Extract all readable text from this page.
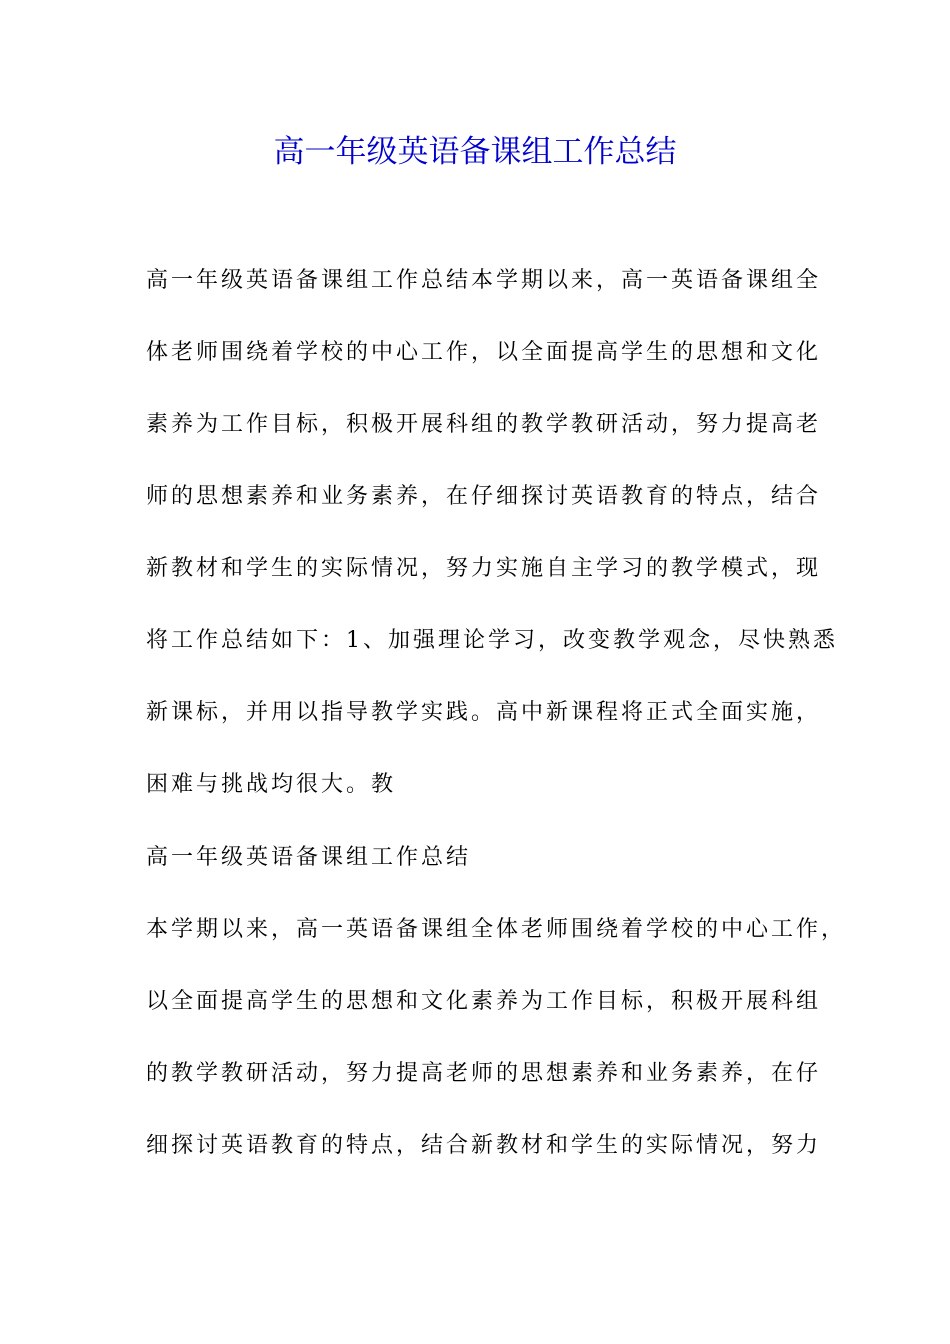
高一年级英语备课组工作总结
高一年级英语备课组工作总结本学期以来，高一英语备课组全
体老师围绕着学校的中心工作，以全面提高学生的思想和文化
素养为工作目标，积极开展科组的教学教研活动，努力提高老
师的思想素养和业务素养，在仔细探讨英语教育的特点，结合
新教材和学生的实际情况，努力实施自主学习的教学模式，现
将工作总结如下：1、加强理论学习，改变教学观念，尽快熟悉
新课标，并用以指导教学实践。高中新课程将正式全面实施，
困难与挑战均很大。教
高一年级英语备课组工作总结
本学期以来，高一英语备课组全体老师围绕着学校的中心工作，
以全面提高学生的思想和文化素养为工作目标，积极开展科组
的教学教研活动，努力提高老师的思想素养和业务素养，在仔
细探讨英语教育的特点，结合新教材和学生的实际情况，努力
